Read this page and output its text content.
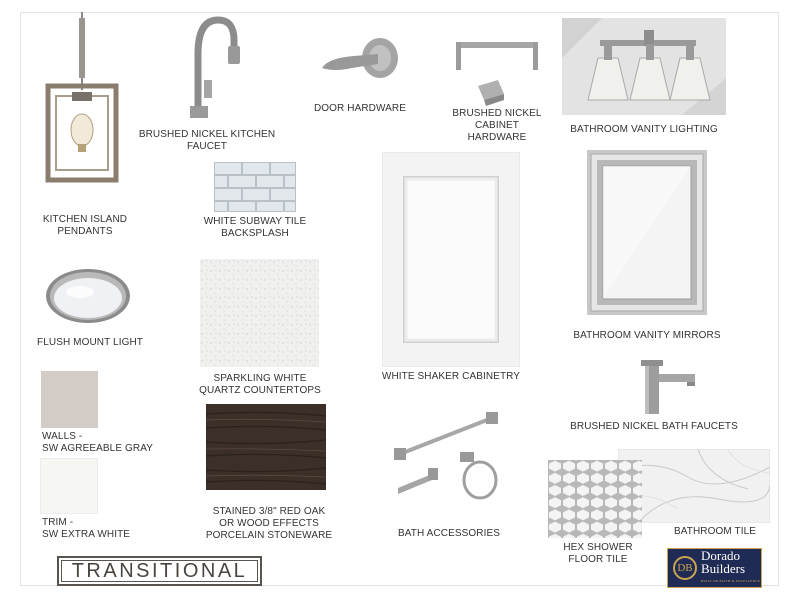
KITCHEN ISLAND
PENDANTS
BRUSHED NICKEL KITCHEN
FAUCET
DOOR HARDWARE	BRUSHED NICKEL
CABINET
HARDWARE
BATHROOM VANITY LIGHTING
WHITE SUBWAY TILE
BACKSPLASH
WHITE SHAKER CABINETRY
BATHROOM VANITY MIRRORS
FLUSH MOUNT LIGHT
SPARKLING WHITE
QUARTZ COUNTERTOPS
WALLS -
SW AGREEABLE GRAY
TRIM -
SW EXTRA WHITE
STAINED 3/8" RED OAK
OR WOOD EFFECTS
PORCELAIN STONEWARE	BATH ACCESSORIES
BRUSHED NICKEL BATH FAUCETS
BATHROOM TILE
HEX SHOWER
FLOOR TILE
TRANSITIONAL	DB
Dorado
Builders
BUILT ON FAITH & EXCELLENCE
